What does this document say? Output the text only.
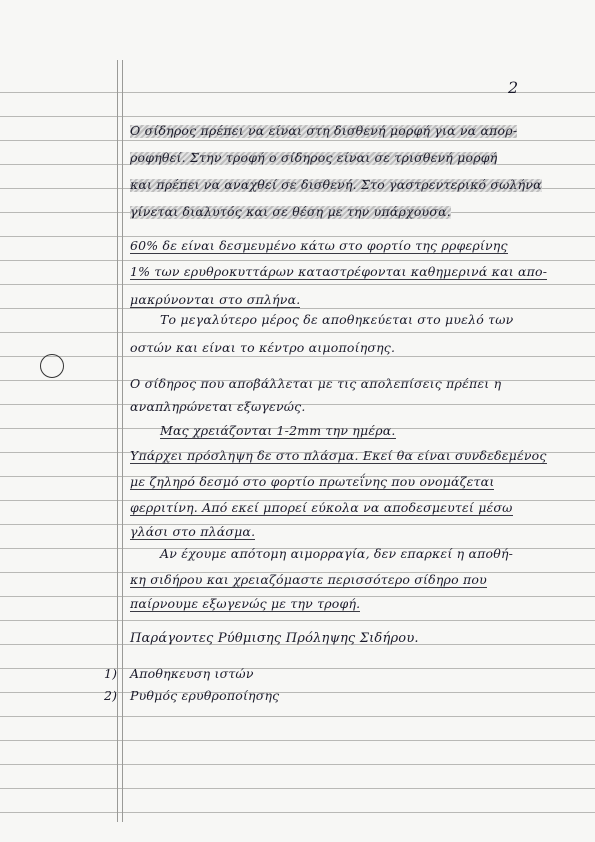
2
Ο σίδηρος πρέπει να είναι στη δισθενή μορφή για να απορ-
ροφηθεί. Στην τροφή ο σίδηρος είναι σε τρισθενή μορφή
και πρέπει να αναχθεί σε δισθενή. Στο γαστρεντερικό σωλήνα
γίνεται διαλυτός και σε θέση με την υπάρχουσα.
60% δε είναι δεσμευμένο κάτω στο φορτίο της ρρφερίνης
1% των ερυθροκυττάρων καταστρέφονται καθημερινά και απο-
μακρύνονται στο σπλήνα.
Το μεγαλύτερο μέρος δε αποθηκεύεται στο μυελό των
οστών και είναι το κέντρο αιμοποίησης.
Ο σίδηρος που αποβάλλεται με τις απολεπίσεις πρέπει η
αναπληρώνεται εξωγενώς.
Μας χρειάζονται 1-2mm την ημέρα.
Υπάρχει πρόσληψη δε στο πλάσμα. Εκεί θα είναι συνδεδεμένος
με ζηληρό δεσμό στο φορτίο πρωτεΐνης που ονομάζεται
φερριτίνη. Από εκεί μπορεί εύκολα να αποδεσμευτεί μέσω
γλάσι στο πλάσμα.
Αν έχουμε απότομη αιμορραγία, δεν επαρκεί η αποθή-
κη σιδήρου και χρειαζόμαστε περισσότερο σίδηρο που
παίρνουμε εξωγενώς με την τροφή.
Παράγοντες Ρύθμισης Πρόληψης Σιδήρου.
1) Αποθηκευση ιστών
2) Ρυθμός ερυθροποίησης
